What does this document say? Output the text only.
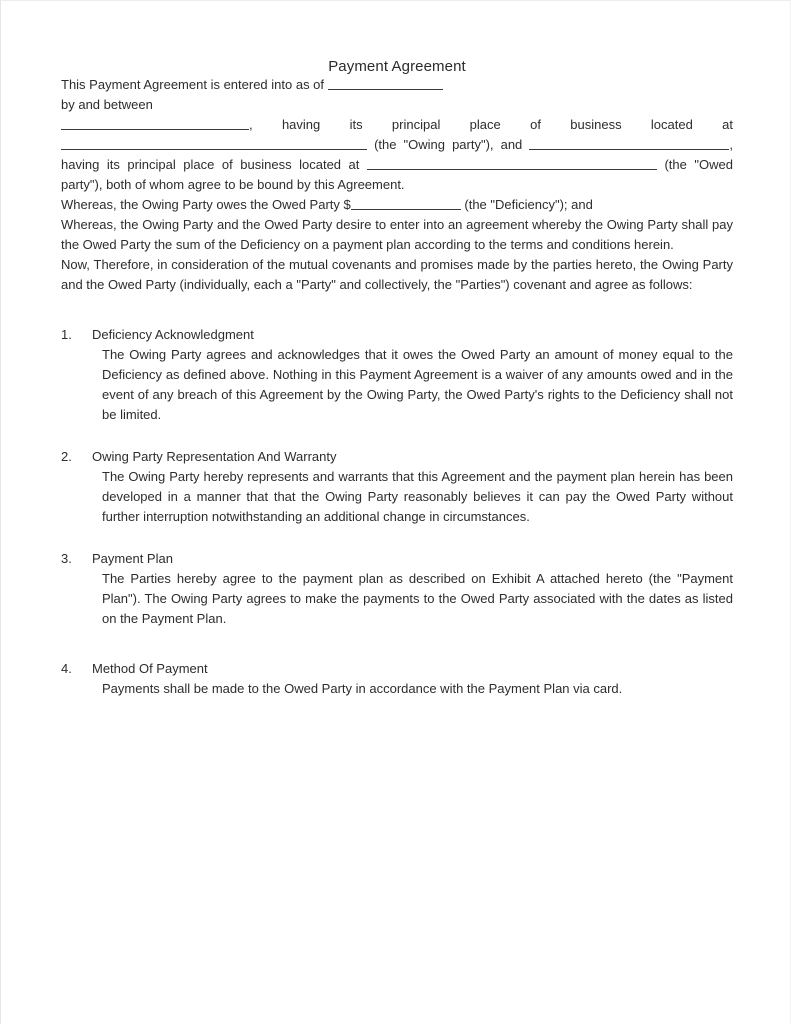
Payment Agreement

This Payment Agreement is entered into as of

by and between

, having its principal place of business located at  (the "Owing party"), and	, having its principal place of business located at	(the "Owed party"), both of whom agree to be bound by this Agreement.

Whereas, the Owing Party owes the Owed Party $	(the "Deficiency"); and

Whereas, the Owing Party and the Owed Party desire to enter into an agreement whereby the Owing Party shall pay the Owed Party the sum of the Deficiency on a payment plan according to the terms and conditions herein.

Now, Therefore, in consideration of the mutual covenants and promises made by the parties hereto, the Owing Party and the Owed Party (individually, each a "Party" and collectively, the "Parties") covenant and agree as follows:

1.	Deficiency Acknowledgment

The Owing Party agrees and acknowledges that it owes the Owed Party an amount of money equal to the Deficiency as defined above. Nothing in this Payment Agreement is a waiver of any amounts owed and in the event of any breach of this Agreement by the Owing Party, the Owed Party's rights to the Deficiency shall not be limited.

2.	Owing Party Representation And Warranty

The Owing Party hereby represents and warrants that this Agreement and the payment plan herein has been developed in a manner that that the Owing Party reasonably believes it can pay the Owed Party without further interruption notwithstanding an additional change in circumstances.

3.	Payment Plan

The Parties hereby agree to the payment plan as described on Exhibit A attached hereto (the "Payment Plan"). The Owing Party agrees to make the payments to the Owed Party associated with the dates as listed on the Payment Plan.

4.	Method Of Payment

Payments shall be made to the Owed Party in accordance with the Payment Plan via card.
